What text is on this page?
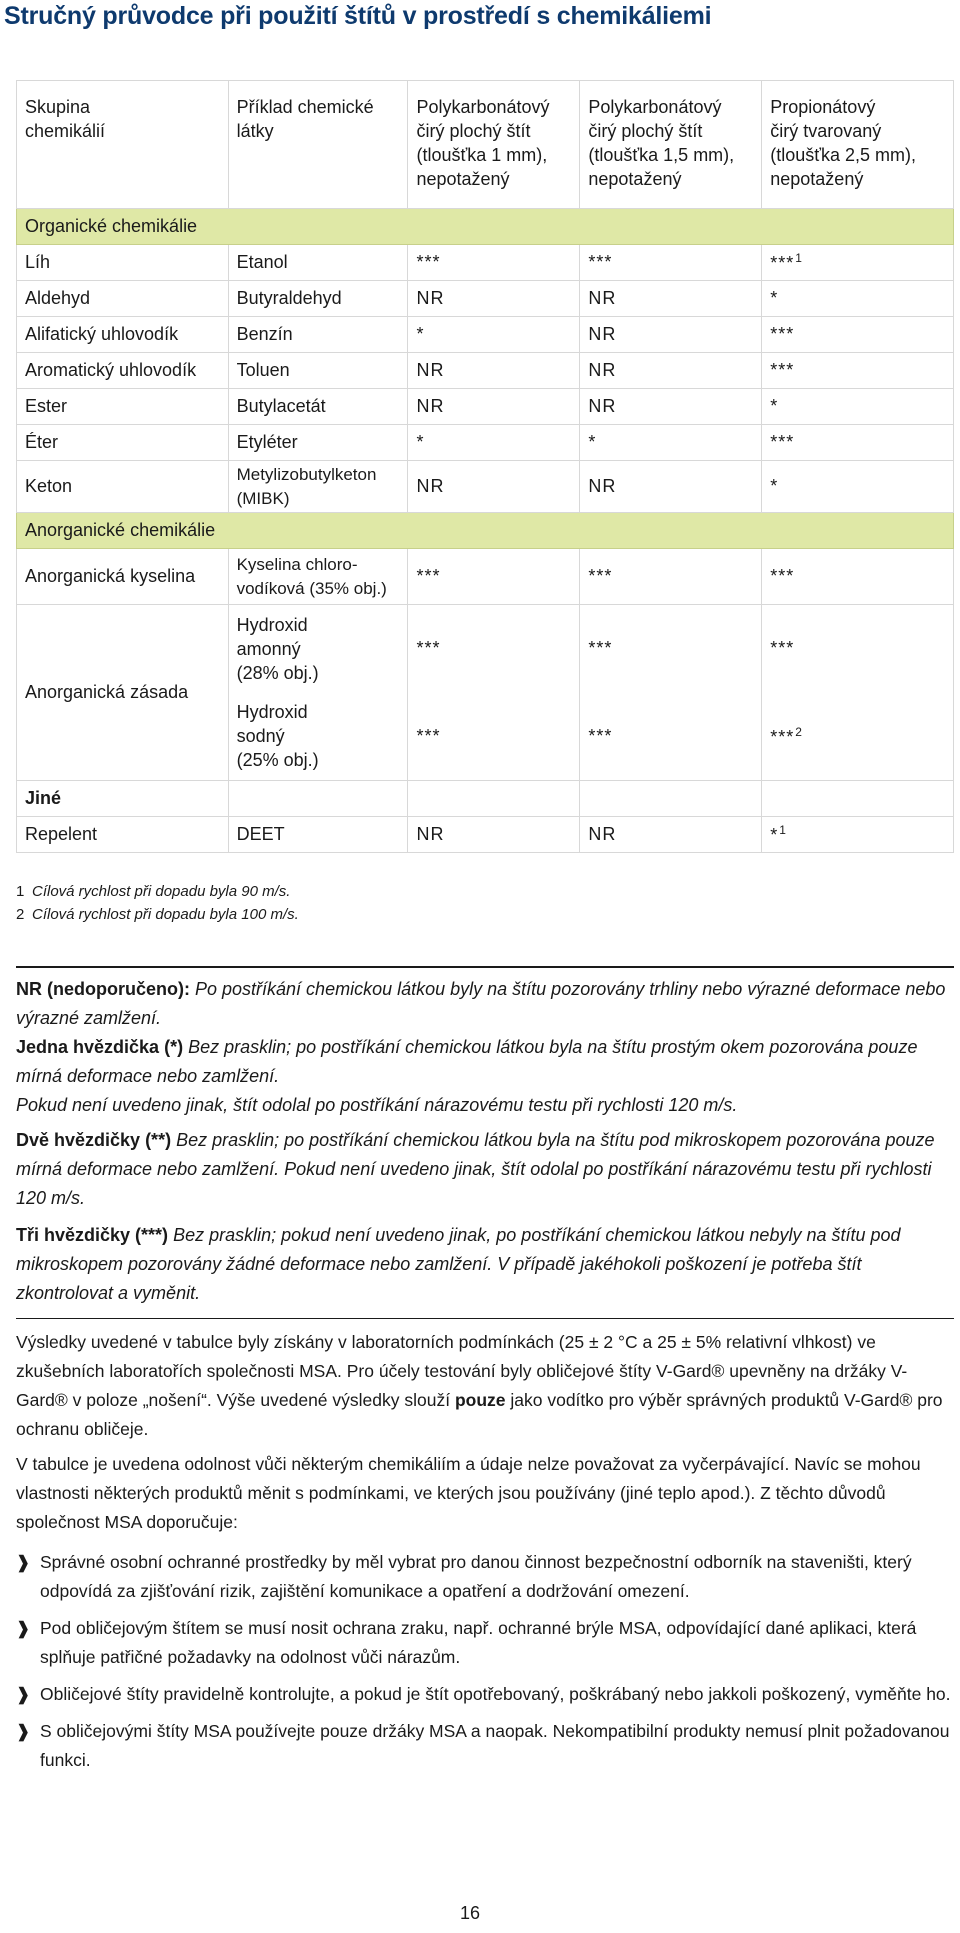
Stručný průvodce při použití štítů v prostředí s chemikáliemi
Skupina
chemikálií	Příklad chemické
látky	Polykarbonátový
čirý plochý štít
(tloušťka 1 mm),
nepotažený	Polykarbonátový
čirý plochý štít
(tloušťka 1,5 mm),
nepotažený	Propionátový
čirý tvarovaný
(tloušťka 2,5 mm),
nepotažený

Organické chemikálie				
Líh	Etanol	***	***	***$^1$
Aldehyd	Butyraldehyd	NR	NR	*
Alifatický uhlovodík	Benzín	*	NR	***
Aromatický uhlovodík	Toluen	NR	NR	***
Ester	Butylacetát	NR	NR	*
Éter	Etyléter	*	*	***
Keton	Metylizobutylketon
(MIBK)	NR	NR	*
Anorganické chemikálie				
Anorganická kyselina	Kyselina chloro-
vodíková (35% obj.)	***	***	***
Anorganická zásada	Hydroxid
amonný
(28% obj.)	***	***	***

	Hydroxid
sodný
(25% obj.)	***	***	***$^2$
Jiné				
Repelent	DEET	NR	NR	*$^1$
1 Cílová rychlost při dopadu byla 90 m/s.
2 Cílová rychlost při dopadu byla 100 m/s.
NR (nedoporučeno): Po postříkání chemickou látkou byly na štítu pozorovány trhliny nebo výrazné deformace nebo výrazné zamlžení.
Jedna hvězdička (*) Bez prasklin; po postříkání chemickou látkou byla na štítu prostým okem pozorována pouze mírná deformace nebo zamlžení.
Pokud není uvedeno jinak, štít odolal po postříkání nárazovému testu při rychlosti 120 m/s.
Dvě hvězdičky (**) Bez prasklin; po postříkání chemickou látkou byla na štítu pod mikroskopem pozorována pouze mírná deformace nebo zamlžení. Pokud není uvedeno jinak, štít odolal po postříkání nárazovému testu při rychlosti 120 m/s.
Tři hvězdičky (***) Bez prasklin; pokud není uvedeno jinak, po postříkání chemickou látkou nebyly na štítu pod mikroskopem pozorovány žádné deformace nebo zamlžení. V případě jakéhokoli poškození je potřeba štít zkontrolovat a vyměnit.
Výsledky uvedené v tabulce byly získány v laboratorních podmínkách (25 ± 2 °C a 25 ± 5% relativní vlhkost) ve zkušebních laboratořích společnosti MSA. Pro účely testování byly obličejové štíty V-Gard® upevněny na držáky V-Gard® v poloze „nošení“. Výše uvedené výsledky slouží pouze jako vodítko pro výběr správných produktů V-Gard® pro ochranu obličeje.
V tabulce je uvedena odolnost vůči některým chemikáliím a údaje nelze považovat za vyčerpávající. Navíc se mohou vlastnosti některých produktů měnit s podmínkami, ve kterých jsou používány (jiné teplo apod.). Z těchto důvodů společnost MSA doporučuje:
❱ Správné osobní ochranné prostředky by měl vybrat pro danou činnost bezpečnostní odborník na staveništi, který odpovídá za zjišťování rizik, zajištění komunikace a opatření a dodržování omezení.
❱ Pod obličejovým štítem se musí nosit ochrana zraku, např. ochranné brýle MSA, odpovídající dané aplikaci, která splňuje patřičné požadavky na odolnost vůči nárazům.
❱ Obličejové štíty pravidelně kontrolujte, a pokud je štít opotřebovaný, poškrábaný nebo jakkoli poškozený, vyměňte ho.
❱ S obličejovými štíty MSA používejte pouze držáky MSA a naopak. Nekompatibilní produkty nemusí plnit požadovanou funkci.
16
